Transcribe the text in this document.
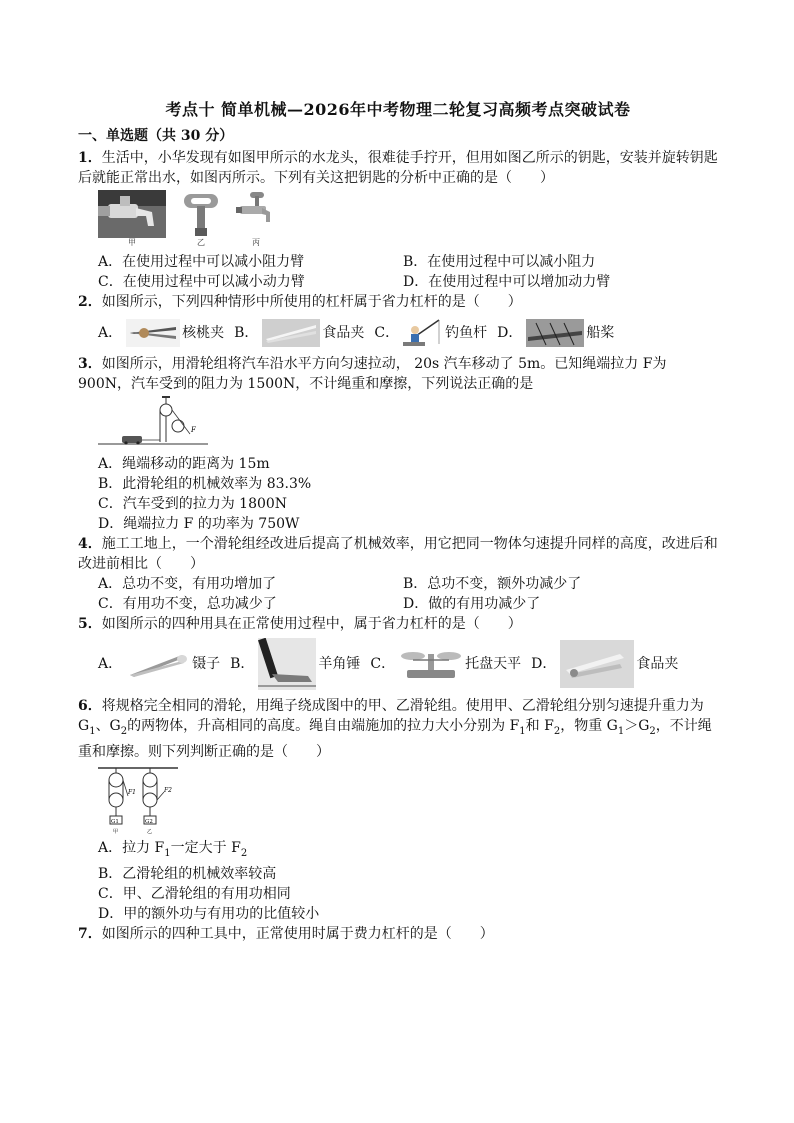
考点十 简单机械—2026年中考物理二轮复习高频考点突破试卷
一、单选题（共 30 分）
1．生活中，小华发现有如图甲所示的水龙头，很难徒手拧开，但用如图乙所示的钥匙，安装并旋转钥匙后就能正常出水，如图丙所示。下列有关这把钥匙的分析中正确的是（　　）
甲	乙	丙
A．在使用过程中可以减小阻力臂	B．在使用过程中可以减小阻力
C．在使用过程中可以减小动力臂	D．在使用过程中可以增加动力臂
2．如图所示，下列四种情形中所使用的杠杆属于省力杠杆的是（　　）
A．	核桃夹 B．	食品夹 C．	钓鱼杆 D．	船桨
3．如图所示，用滑轮组将汽车沿水平方向匀速拉动， 20s 汽车移动了 5m。已知绳端拉力 F为 900N，汽车受到的阻力为 1500N，不计绳重和摩擦，下列说法正确的是
F
A．绳端移动的距离为 15m
B．此滑轮组的机械效率为 83.3%
C．汽车受到的拉力为 1800N
D．绳端拉力 F 的功率为 750W
4．施工工地上，一个滑轮组经改进后提高了机械效率，用它把同一物体匀速提升同样的高度，改进后和改进前相比（　　）
A．总功不变，有用功增加了	B．总功不变，额外功减少了
C．有用功不变，总功减少了	D．做的有用功减少了
5．如图所示的四种用具在正常使用过程中，属于省力杠杆的是（　　）
A．	镊子 B．	羊角锤 C．	托盘天平 D．	食品夹
6．将规格完全相同的滑轮，用绳子绕成图中的甲、乙滑轮组。使用甲、乙滑轮组分别匀速提升重力为 $G_1$、$G_2$的两物体，升高相同的高度。绳自由端施加的拉力大小分别为 $F_1$和 $F_2$，物重 $G_1>G_2$，不计绳重和摩擦。则下列判断正确的是（　　）
F1
G1
甲
F2
G2
乙
A．拉力 $F_1$一定大于 $F_2$
B．乙滑轮组的机械效率较高
C．甲、乙滑轮组的有用功相同
D．甲的额外功与有用功的比值较小
7．如图所示的四种工具中，正常使用时属于费力杠杆的是（　　）
